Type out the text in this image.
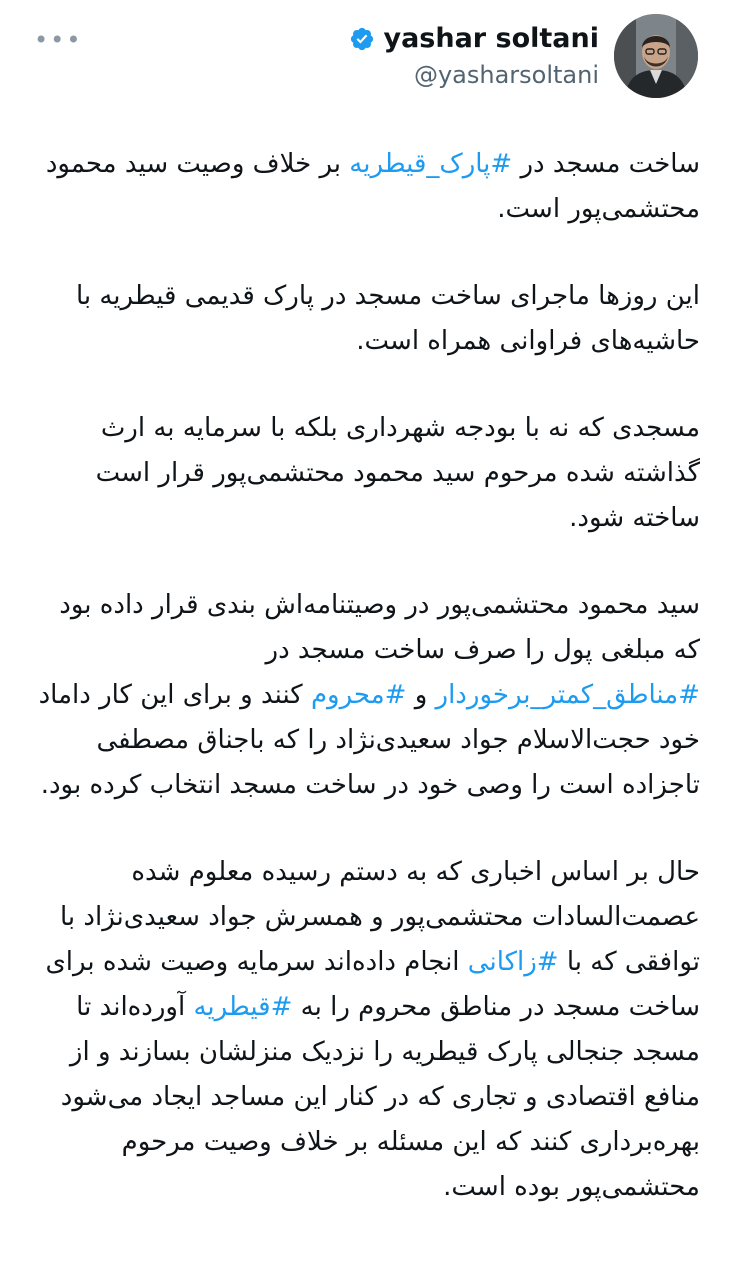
•••	yashar soltani
@yasharsoltani

ساخت مسجد در #پارک_قیطریه بر خلاف وصیت سید محمود محتشمی‌پور است.

این روزها ماجرای ساخت مسجد در پارک قدیمی قیطریه با حاشیه‌های فراوانی همراه است.

مسجدی که نه با بودجه شهرداری بلکه با سرمایه به ارث گذاشته شده مرحوم سید محمود محتشمی‌پور قرار است ساخته شود.

سید محمود محتشمی‌پور در وصیتنامه‌اش بندی قرار داده بود که مبلغی پول را صرف ساخت مسجد در #مناطق_کمتر_برخوردار و #محروم کنند و برای این کار داماد خود حجت‌الاسلام جواد سعیدی‌نژاد را که باجناق مصطفی تاجزاده است را وصی خود در ساخت مسجد انتخاب کرده بود.

حال بر اساس اخباری که به دستم رسیده معلوم شده عصمت‌السادات محتشمی‌پور و همسرش جواد سعیدی‌نژاد با توافقی که با #زاکانی انجام داده‌اند سرمایه وصیت شده برای ساخت مسجد در مناطق محروم را به #قیطریه آورده‌اند تا مسجد جنجالی پارک قیطریه را نزدیک منزلشان بسازند و از منافع اقتصادی و تجاری که در کنار این مساجد ایجاد می‌شود بهره‌برداری کنند که این مسئله بر خلاف وصیت مرحوم محتشمی‌پور بوده است.
